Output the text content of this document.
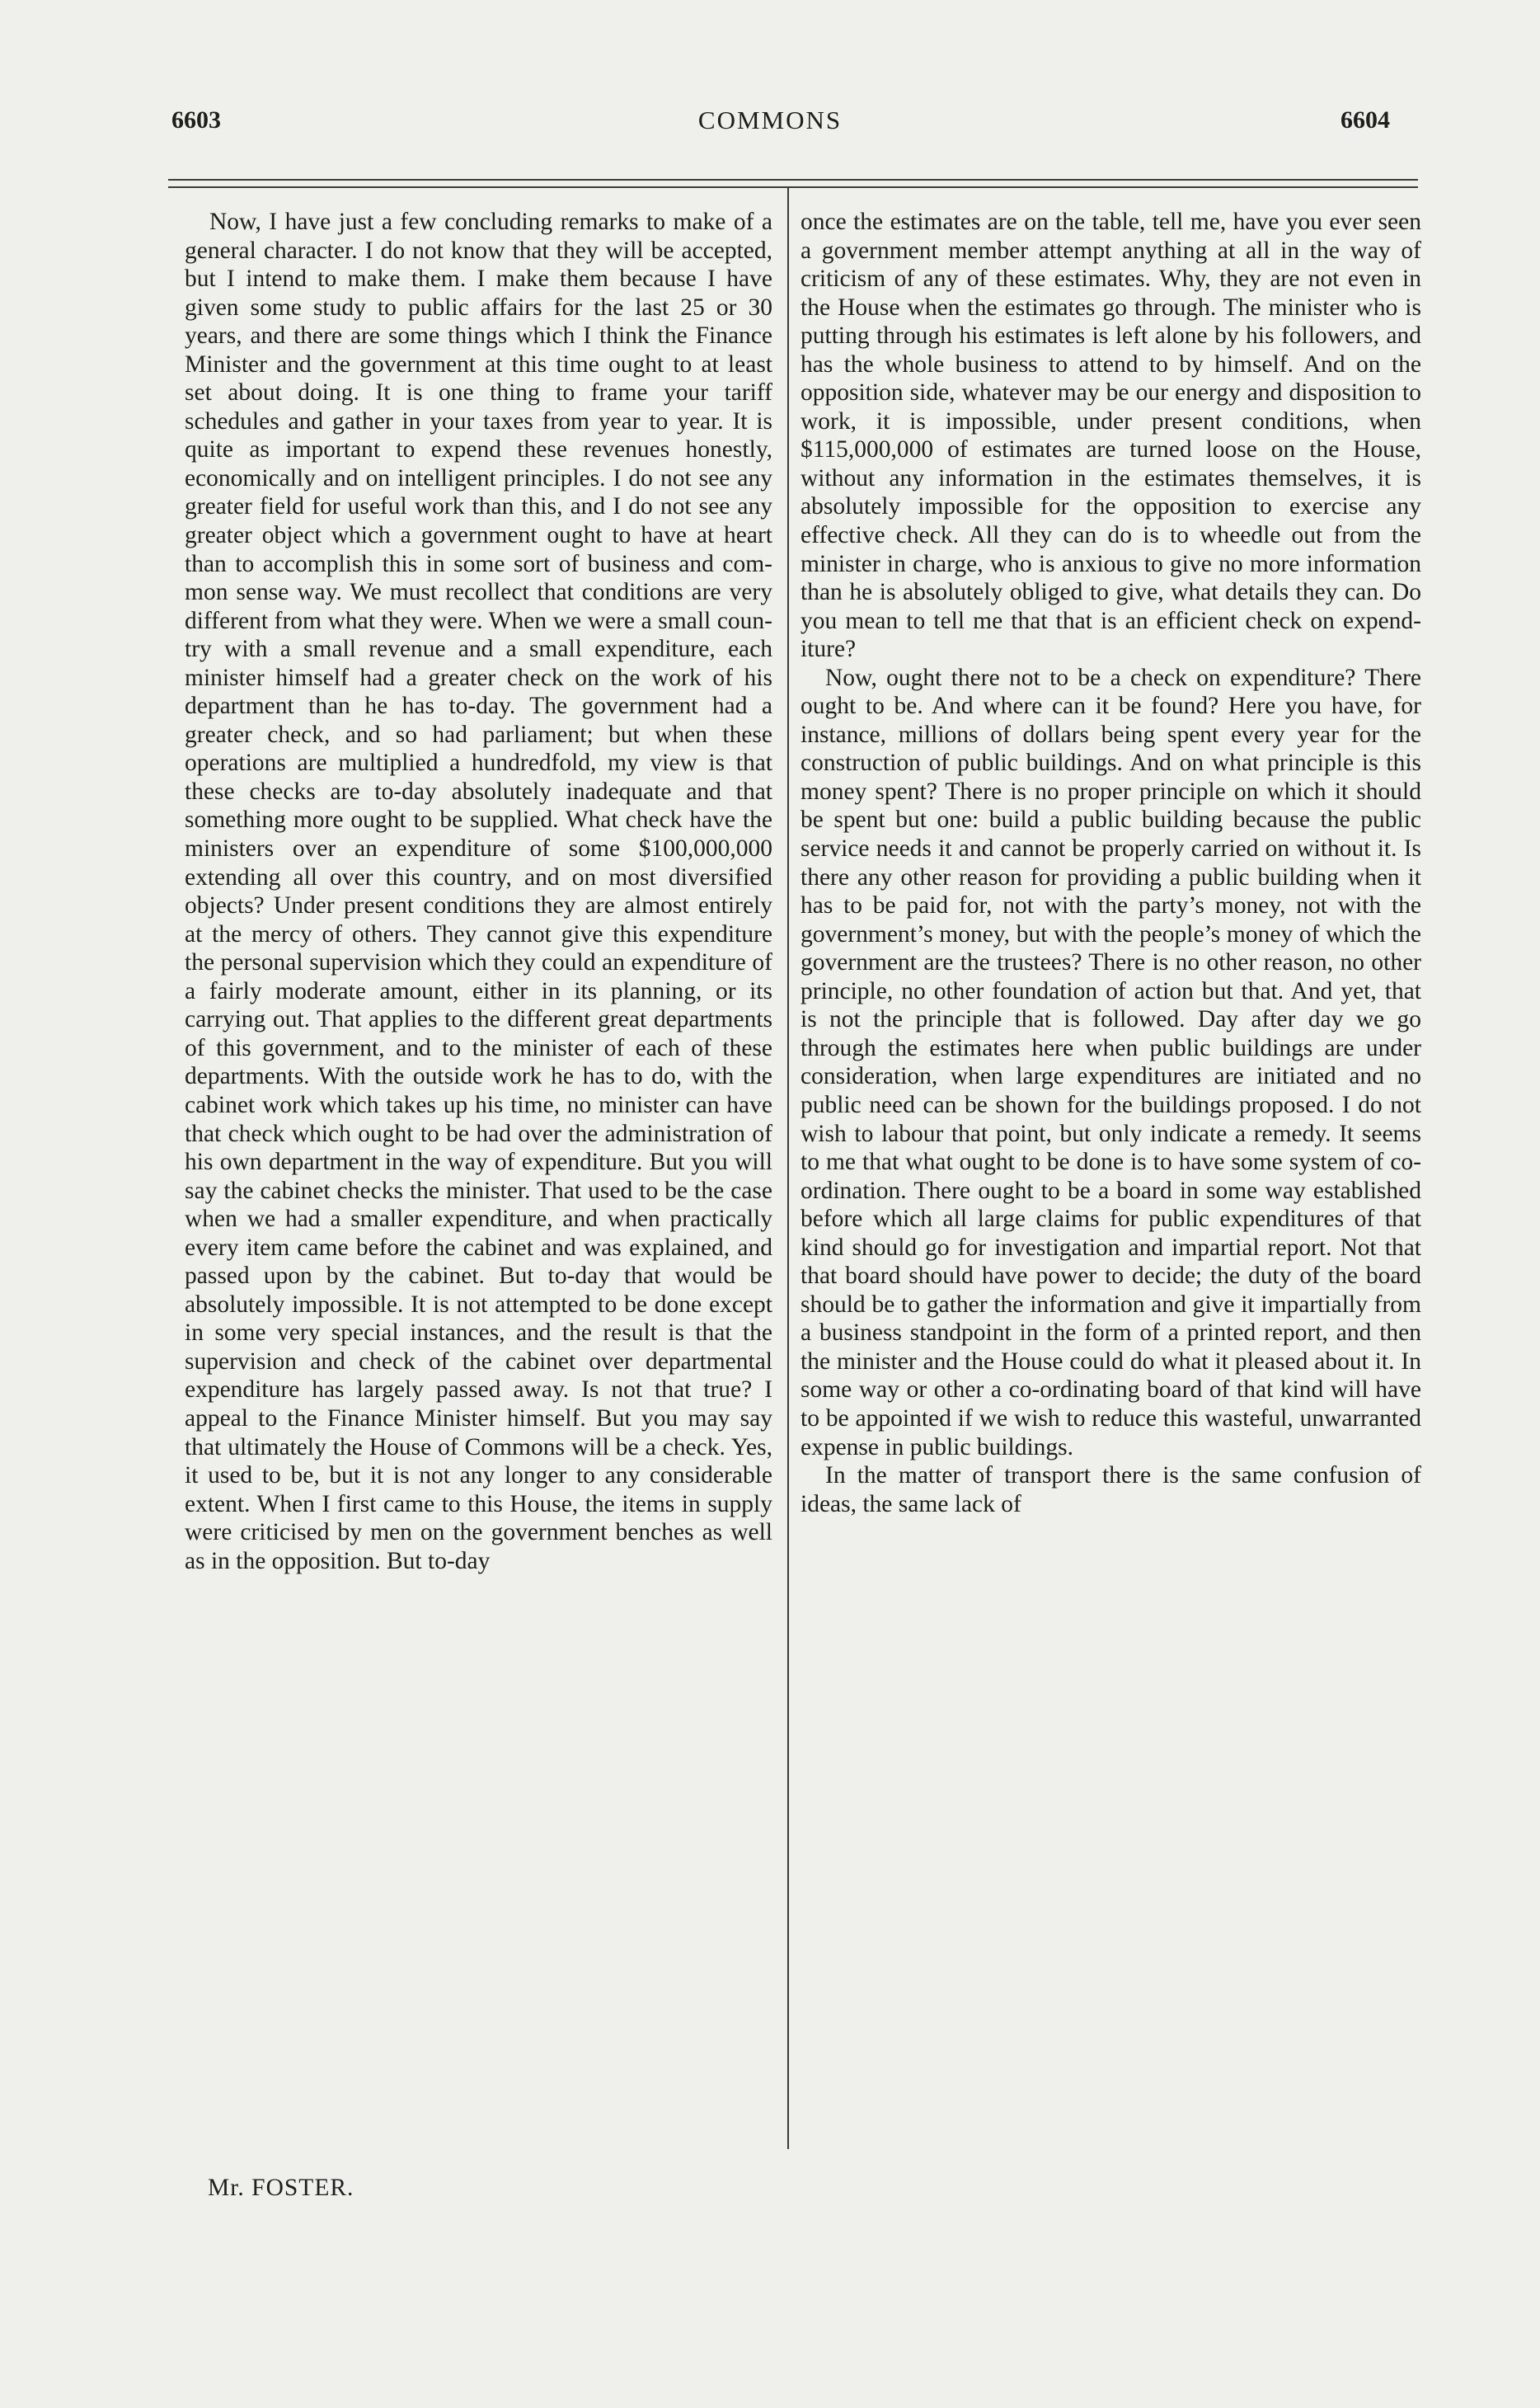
6603	COMMONS	6604

Now, I have just a few concluding remarks to make of a general character. I do not know that they will be accepted, but I intend to make them. I make them because I have given some study to public affairs for the last 25 or 30 years, and there are some things which I think the Finance Minister and the government at this time ought to at least set about doing. It is one thing to frame your tariff schedules and gather in your taxes from year to year. It is quite as important to expend these revenues honestly, economically and on intelligent principles. I do not see any greater field for useful work than this, and I do not see any greater object which a government ought to have at heart than to accomplish this in some sort of business and common sense way. We must recollect that conditions are very different from what they were. When we were a small country with a small revenue and a small expenditure, each minister himself had a greater check on the work of his department than he has to-day. The government had a greater check, and so had parliament; but when these operations are multiplied a hundredfold, my view is that these checks are to-day absolutely inadequate and that something more ought to be supplied. What check have the ministers over an expenditure of some $100,000,000 extending all over this country, and on most diversified objects? Under present conditions they are almost entirely at the mercy of others. They cannot give this expenditure the personal supervision which they could an expenditure of a fairly moderate amount, either in its planning, or its carrying out. That applies to the different great departments of this government, and to the minister of each of these departments. With the outside work he has to do, with the cabinet work which takes up his time, no minister can have that check which ought to be had over the administration of his own department in the way of expenditure. But you will say the cabinet checks the minister. That used to be the case when we had a smaller expenditure, and when practically every item came before the cabinet and was explained, and passed upon by the cabinet. But to-day that would be absolutely impossible. It is not attempted to be done except in some very special instances, and the result is that the supervision and check of the cabinet over departmental expenditure has largely passed away. Is not that true? I appeal to the Finance Minister himself. But you may say that ultimately the House of Commons will be a check. Yes, it used to be, but it is not any longer to any considerable extent. When I first came to this House, the items in supply were criticised by men on the government benches as well as in the opposition. But to-day

once the estimates are on the table, tell me, have you ever seen a government member attempt anything at all in the way of criticism of any of these estimates. Why, they are not even in the House when the estimates go through. The minister who is putting through his estimates is left alone by his followers, and has the whole business to attend to by himself. And on the opposition side, whatever may be our energy and disposition to work, it is impossible, under present conditions, when $115,000,000 of estimates are turned loose on the House, without any information in the estimates themselves, it is absolutely impossible for the opposition to exercise any effective check. All they can do is to wheedle out from the minister in charge, who is anxious to give no more information than he is absolutely obliged to give, what details they can. Do you mean to tell me that that is an efficient check on expenditure?

Now, ought there not to be a check on expenditure? There ought to be. And where can it be found? Here you have, for instance, millions of dollars being spent every year for the construction of public buildings. And on what principle is this money spent? There is no proper principle on which it should be spent but one: build a public building because the public service needs it and cannot be properly carried on without it. Is there any other reason for providing a public building when it has to be paid for, not with the party’s money, not with the government’s money, but with the people’s money of which the government are the trustees? There is no other reason, no other principle, no other foundation of action but that. And yet, that is not the principle that is followed. Day after day we go through the estimates here when public buildings are under consideration, when large expenditures are initiated and no public need can be shown for the buildings proposed. I do not wish to labour that point, but only indicate a remedy. It seems to me that what ought to be done is to have some system of co-ordination. There ought to be a board in some way established before which all large claims for public expenditures of that kind should go for investigation and impartial report. Not that that board should have power to decide; the duty of the board should be to gather the information and give it impartially from a business standpoint in the form of a printed report, and then the minister and the House could do what it pleased about it. In some way or other a co-ordinating board of that kind will have to be appointed if we wish to reduce this wasteful, unwarranted expense in public buildings.

In the matter of transport there is the same confusion of ideas, the same lack of

Mr. FOSTER.
